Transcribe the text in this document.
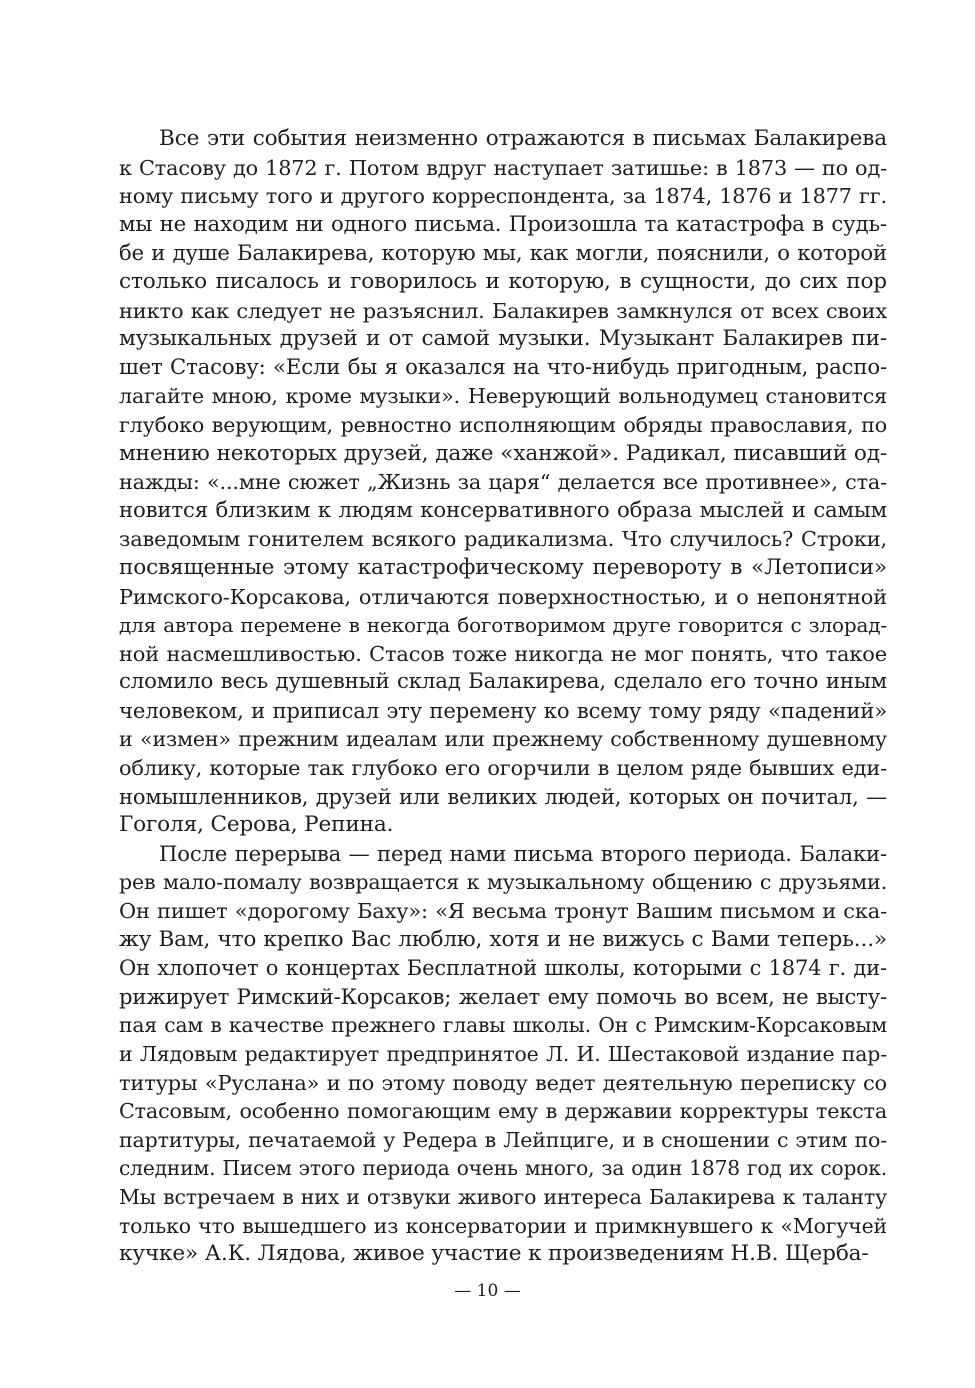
Все эти события неизменно отражаются в письмах Балакирева
к Стасову до 1872 г. Потом вдруг наступает затишье: в 1873 — по од-
ному письму того и другого корреспондента, за 1874, 1876 и 1877 гг.
мы не находим ни одного письма. Произошла та катастрофа в судь-
бе и душе Балакирева, которую мы, как могли, пояснили, о которой
столько писалось и говорилось и которую, в сущности, до сих пор
никто как следует не разъяснил. Балакирев замкнулся от всех своих
музыкальных друзей и от самой музыки. Музыкант Балакирев пи-
шет Стасову: «Если бы я оказался на что-нибудь пригодным, распо-
лагайте мною, кроме музыки». Неверующий вольнодумец становится
глубоко верующим, ревностно исполняющим обряды православия, по
мнению некоторых друзей, даже «ханжой». Радикал, писавший од-
нажды: «...мне сюжет „Жизнь за царя“ делается все противнее», ста-
новится близким к людям консервативного образа мыслей и самым
заведомым гонителем всякого радикализма. Что случилось? Строки,
посвященные этому катастрофическому перевороту в «Летописи»
Римского-Корсакова, отличаются поверхностностью, и о непонятной
для автора перемене в некогда боготворимом друге говорится с злорад-
ной насмешливостью. Стасов тоже никогда не мог понять, что такое
сломило весь душевный склад Балакирева, сделало его точно иным
человеком, и приписал эту перемену ко всему тому ряду «падений»
и «измен» прежним идеалам или прежнему собственному душевному
облику, которые так глубоко его огорчили в целом ряде бывших еди-
номышленников, друзей или великих людей, которых он почитал, —
Гоголя, Серова, Репина.
После перерыва — перед нами письма второго периода. Балаки-
рев мало-помалу возвращается к музыкальному общению с друзьями.
Он пишет «дорогому Баху»: «Я весьма тронут Вашим письмом и ска-
жу Вам, что крепко Вас люблю, хотя и не вижусь с Вами теперь...»
Он хлопочет о концертах Бесплатной школы, которыми с 1874 г. ди-
рижирует Римский-Корсаков; желает ему помочь во всем, не высту-
пая сам в качестве прежнего главы школы. Он с Римским-Корсаковым
и Лядовым редактирует предпринятое Л. И. Шестаковой издание пар-
титуры «Руслана» и по этому поводу ведет деятельную переписку со
Стасовым, особенно помогающим ему в державии корректуры текста
партитуры, печатаемой у Редера в Лейпциге, и в сношении с этим по-
следним. Писем этого периода очень много, за один 1878 год их сорок.
Мы встречаем в них и отзвуки живого интереса Балакирева к таланту
только что вышедшего из консерватории и примкнувшего к «Могучей
кучке» А.К. Лядова, живое участие к произведениям Н.В. Щерба-
— 10 —
